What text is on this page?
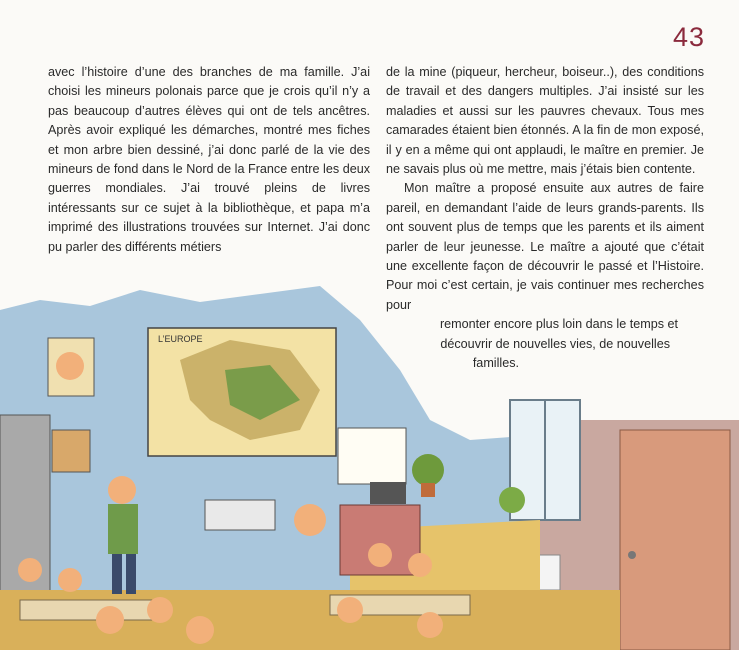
43

avec l’histoire d’une des branches de ma famille. J’ai choisi les mineurs polonais parce que je crois qu’il n’y a pas beaucoup d’autres élèves qui ont de tels ancêtres. Après avoir expliqué les démarches, montré mes fiches et mon arbre bien dessiné, j’ai donc parlé de la vie des mineurs de fond dans le Nord de la France entre les deux guerres mondiales. J’ai trouvé pleins de livres intéressants sur ce sujet à la bibliothèque, et papa m’a imprimé des illustrations trouvées sur Internet. J’ai donc pu parler des différents métiers

de la mine (piqueur, hercheur, boiseur..), des conditions de travail et des dangers multiples. J’ai insisté sur les maladies et aussi sur les pauvres chevaux. Tous mes camarades étaient bien étonnés. A la fin de mon exposé, il y en a même qui ont applaudi, le maître en premier. Je ne savais plus où me mettre, mais j’étais bien contente.

Mon maître a proposé ensuite aux autres de faire pareil, en demandant l’aide de leurs grands-parents. Ils ont souvent plus de temps que les parents et ils aiment parler de leur jeunesse. Le maître a ajouté que c’était une excellente façon de découvrir le passé et l’Histoire. Pour moi c’est certain, je vais continuer mes recherches pour

remonter encore plus loin dans le temps et
découvrir de nouvelles vies, de nouvelles
familles.
L’EUROPE
